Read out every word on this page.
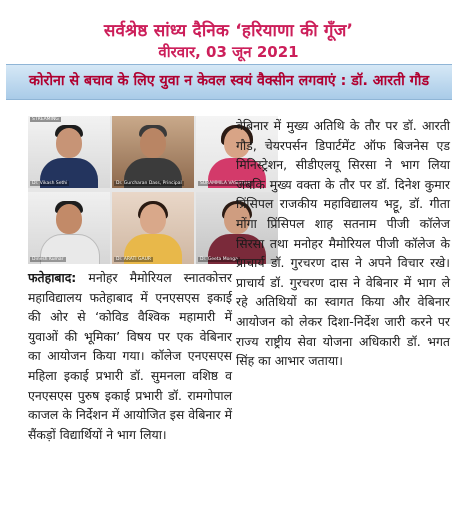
सर्वश्रेष्ठ सांध्य दैनिक ‘हरियाणा की गूँज’
वीरवार, 03 जून 2021
कोरोना से बचाव के लिए युवा न केवल स्वयं वैक्सीन लगवाएं : डॉ. आरती गौड
STREAMING
Dr. Vikash Sethi	Dr. Gurcharan Dass, Principal	SURAMMILA VASISTHA
Dinesh Kumar	Dr. ARATI GAUR	Dr. Geeta Monga

वेबिनार में मुख्य अतिथि के तौर पर डॉ. आरती गौड, चेयरपर्सन डिपार्टमेंट ऑफ बिजनेस एड मिनिस्ट्रेशन, सीडीएलयू सिरसा ने भाग लिया जबकि मुख्य वक्ता के तौर पर डॉ. दिनेश कुमार प्रिंसिपल राजकीय महाविद्यालय भट्टू, डॉ. गीता मोंगा प्रिंसिपल शाह सतनाम पीजी कॉलेज सिरसा तथा मनोहर मैमोरियल पीजी कॉलेज के प्राचार्य डॉ. गुरचरण दास ने अपने विचार रखे। प्राचार्य डॉ. गुरचरण दास ने वेबिनार में भाग ले रहे अतिथियों का स्वागत किया और वेबिनार आयोजन को लेकर दिशा-निर्देश जारी करने पर राज्य राष्ट्रीय सेवा योजना अधिकारी डॉ. भगत सिंह का आभार जताया।

फतेहाबाद: मनोहर मैमोरियल स्नातकोत्तर महाविद्यालय फतेहाबाद में एनएसएस इकाई की ओर से ‘कोविड वैश्विक महामारी में युवाओं की भूमिका’ विषय पर एक वेबिनार का आयोजन किया गया। कॉलेज एनएसएस महिला इकाई प्रभारी डॉ. सुमनला वशिष्ठ व एनएसएस पुरुष इकाई प्रभारी डॉ. रामगोपाल काजल के निर्देशन में आयोजित इस वेबिनार में सैंकड़ों विद्यार्थियों ने भाग लिया।
